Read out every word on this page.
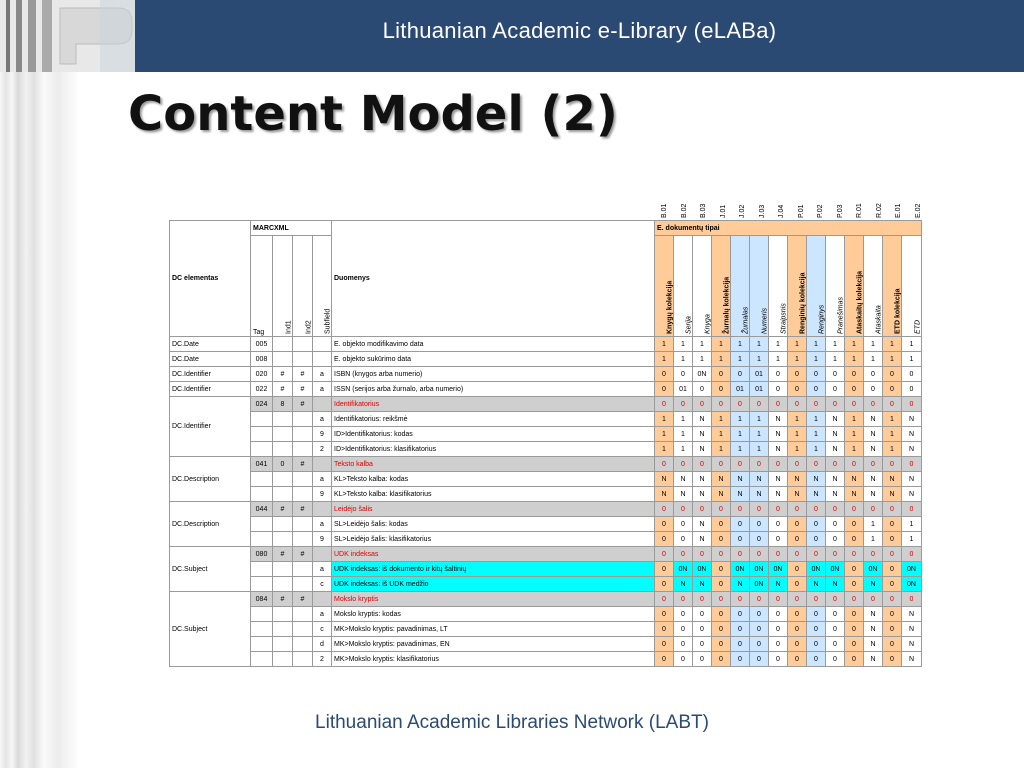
Lithuanian Academic e-Library (eLABa)
Content Model (2)
B.01	B.02	B.03	J.01	J.02	J.03	J.04	P.01	P.02	P.03	R.01	R.02	E.01	E.02
DC elementas	MARCXML				Duomenys	E. dokumentų tipai													
	Tag	Ind1	Ind2	Subfield		Knygų kolekcija	Serija	Knyga	Žurnalų kolekcija	Žurnalas	Numeris	Straipsnis	Renginių kolekcija	Renginys	Pranešimas	Ataskaitų kolekcija	Ataskaita	ETD kolekcija	ETD
DC.Date	005				E. objekto modifikavimo data	1	1	1	1	1	1	1	1	1	1	1	1	1	1
DC.Date	008				E. objekto sukūrimo data	1	1	1	1	1	1	1	1	1	1	1	1	1	1
DC.Identifier	020	#	#	a	ISBN (knygos arba numerio)	0	0	0N	0	0	01	0	0	0	0	0	0	0	0
DC.Identifier	022	#	#	a	ISSN (serijos arba žurnalo, arba numerio)	0	01	0	0	01	01	0	0	0	0	0	0	0	0
DC.Identifier	024	8	#		Identifikatorius	0	0	0	0	0	0	0	0	0	0	0	0	0	0
				a	Identifikatorius: reikšmė	1	1	N	1	1	1	N	1	1	N	1	N	1	N
				9	ID>Identifikatorius: kodas	1	1	N	1	1	1	N	1	1	N	1	N	1	N
				2	ID>Identifikatorius: klasifikatorius	1	1	N	1	1	1	N	1	1	N	1	N	1	N
DC.Description	041	0	#		Teksto kalba	0	0	0	0	0	0	0	0	0	0	0	0	0	0
				a	KL>Teksto kalba: kodas	N	N	N	N	N	N	N	N	N	N	N	N	N	N
				9	KL>Teksto kalba: klasifikatorius	N	N	N	N	N	N	N	N	N	N	N	N	N	N
DC.Description	044	#	#		Leidėjo šalis	0	0	0	0	0	0	0	0	0	0	0	0	0	0
				a	SL>Leidėjo šalis: kodas	0	0	N	0	0	0	0	0	0	0	0	1	0	1
				9	SL>Leidėjo šalis: klasifikatorius	0	0	N	0	0	0	0	0	0	0	0	1	0	1
DC.Subject	080	#	#		UDK indeksas	0	0	0	0	0	0	0	0	0	0	0	0	0	0
				a	UDK indeksas: iš dokumento ir kitų šaltinių	0	0N	0N	0	0N	0N	0N	0	0N	0N	0	0N	0	0N
				c	UDK indeksas: iš UDK medžio	0	N	N	0	N	0N	N	0	N	N	0	N	0	0N
DC.Subject	084	#	#		Mokslo kryptis	0	0	0	0	0	0	0	0	0	0	0	0	0	0
				a	Mokslo kryptis: kodas	0	0	0	0	0	0	0	0	0	0	0	N	0	N
				c	MK>Mokslo kryptis: pavadinimas, LT	0	0	0	0	0	0	0	0	0	0	0	N	0	N
				d	MK>Mokslo kryptis: pavadinimas, EN	0	0	0	0	0	0	0	0	0	0	0	N	0	N
				2	MK>Mokslo kryptis: klasifikatorius	0	0	0	0	0	0	0	0	0	0	0	N	0	N
Lithuanian Academic Libraries Network (LABT)
